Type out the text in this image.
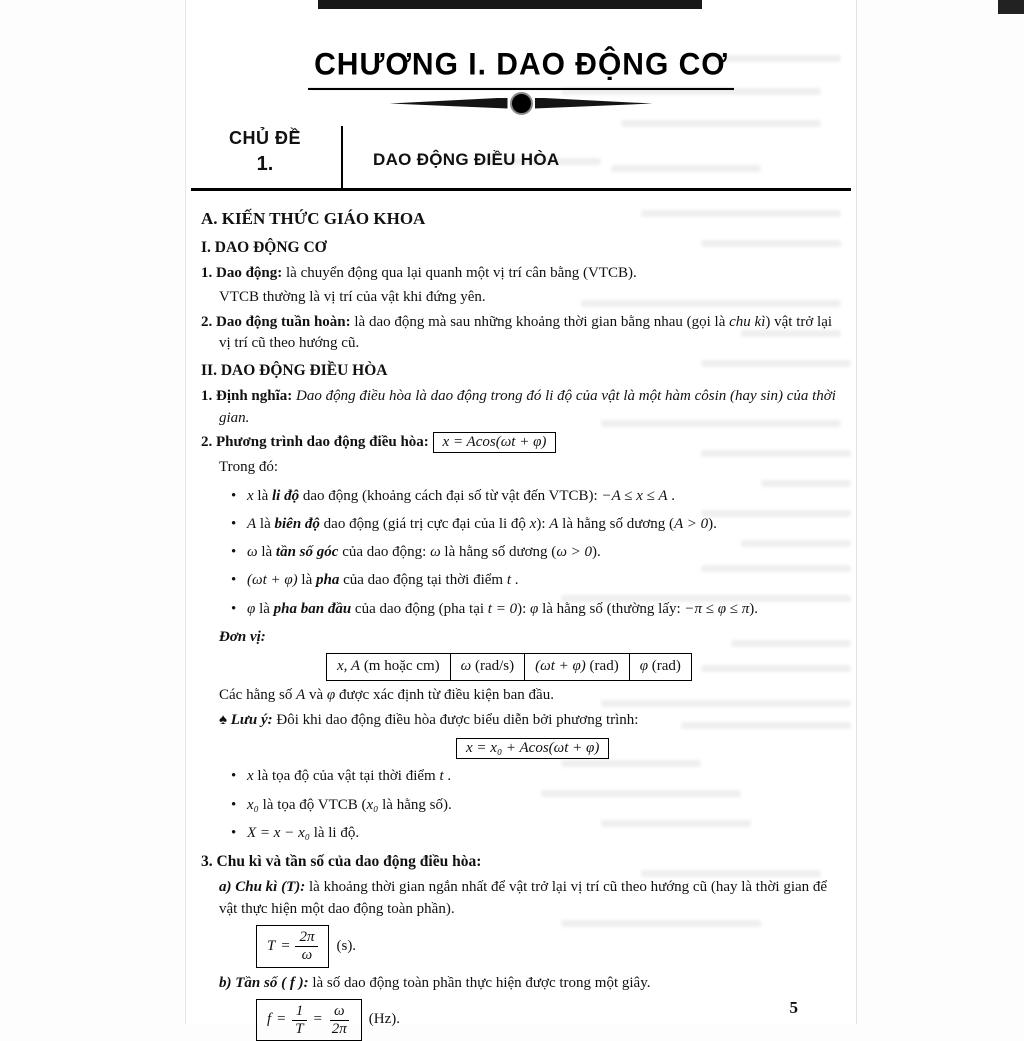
CHƯƠNG I. DAO ĐỘNG CƠ
CHỦ ĐỀ
1.	DAO ĐỘNG ĐIỀU HÒA
A. KIẾN THỨC GIÁO KHOA
I. DAO ĐỘNG CƠ

1. Dao động: là chuyển động qua lại quanh một vị trí cân bằng (VTCB).

VTCB thường là vị trí của vật khi đứng yên.

2. Dao động tuần hoàn: là dao động mà sau những khoảng thời gian bằng nhau (gọi là chu kì) vật trở lại vị trí cũ theo hướng cũ.

II. DAO ĐỘNG ĐIỀU HÒA

1. Định nghĩa: Dao động điều hòa là dao động trong đó li độ của vật là một hàm côsin (hay sin) của thời gian.

2. Phương trình dao động điều hòa: x = Acos(ωt + φ)

Trong đó:

• x là li độ dao động (khoảng cách đại số từ vật đến VTCB): −A ≤ x ≤ A .
• A là biên độ dao động (giá trị cực đại của li độ x): A là hằng số dương (A > 0).
• ω là tần số góc của dao động: ω là hằng số dương (ω > 0).
• (ωt + φ) là pha của dao động tại thời điểm t .
• φ là pha ban đầu của dao động (pha tại t = 0): φ là hằng số (thường lấy: −π ≤ φ ≤ π).
Đơn vị:
x, A (m hoặc cm)	ω (rad/s)	(ωt + φ) (rad)	φ (rad)

Các hằng số A và φ được xác định từ điều kiện ban đầu.

♠ Lưu ý: Đôi khi dao động điều hòa được biểu diễn bởi phương trình:

x = x₀ + Acos(ωt + φ)
• x là tọa độ của vật tại thời điểm t .
• x₀ là tọa độ VTCB (x₀ là hằng số).
• X = x − x₀ là li độ.
3. Chu kì và tần số của dao động điều hòa:

a) Chu kì (T): là khoảng thời gian ngắn nhất để vật trở lại vị trí cũ theo hướng cũ (hay là thời gian để vật thực hiện một dao động toàn phần).

$T = \frac{2\pi}{\omega} (s)$.

b) Tần số ( f ): là số dao động toàn phần thực hiện được trong một giây.

$f = \frac{1}{T} = \frac{\omega}{2\pi} (Hz)$.
5
